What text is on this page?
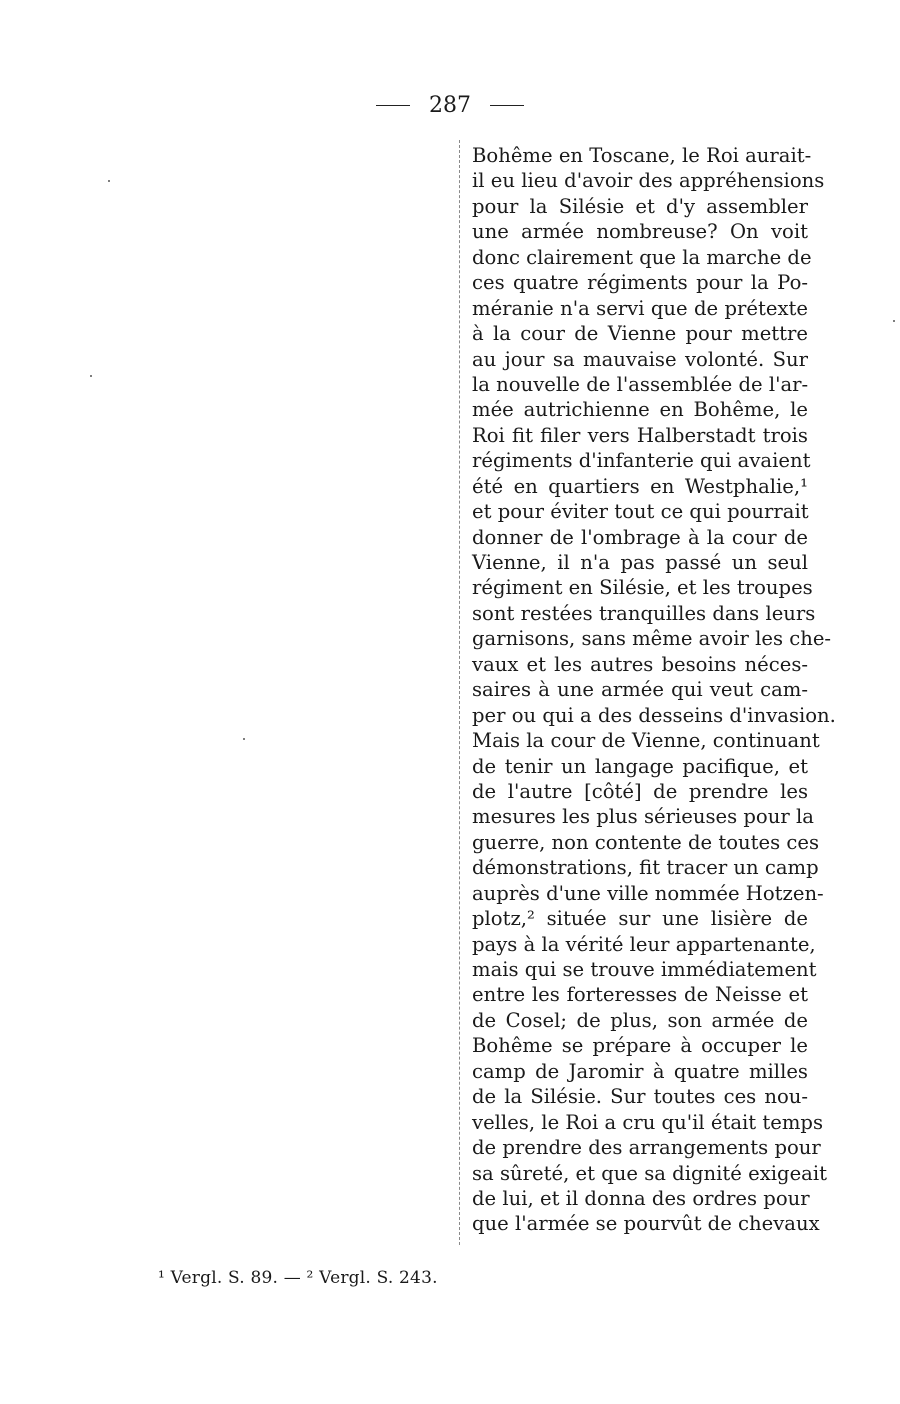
287
Bohême en Toscane, le Roi aurait-
il eu lieu d'avoir des appréhensions
pour la Silésie et d'y assembler
une armée nombreuse? On voit
donc clairement que la marche de
ces quatre régiments pour la Po-
méranie n'a servi que de prétexte
à la cour de Vienne pour mettre
au jour sa mauvaise volonté. Sur
la nouvelle de l'assemblée de l'ar-
mée autrichienne en Bohême, le
Roi fit filer vers Halberstadt trois
régiments d'infanterie qui avaient
été en quartiers en Westphalie,¹
et pour éviter tout ce qui pourrait
donner de l'ombrage à la cour de
Vienne, il n'a pas passé un seul
régiment en Silésie, et les troupes
sont restées tranquilles dans leurs
garnisons, sans même avoir les che-
vaux et les autres besoins néces-
saires à une armée qui veut cam-
per ou qui a des desseins d'invasion.
Mais la cour de Vienne, continuant
de tenir un langage pacifique, et
de l'autre [côté] de prendre les
mesures les plus sérieuses pour la
guerre, non contente de toutes ces
démonstrations, fit tracer un camp
auprès d'une ville nommée Hotzen-
plotz,² située sur une lisière de
pays à la vérité leur appartenante,
mais qui se trouve immédiatement
entre les forteresses de Neisse et
de Cosel; de plus, son armée de
Bohême se prépare à occuper le
camp de Jaromir à quatre milles
de la Silésie. Sur toutes ces nou-
velles, le Roi a cru qu'il était temps
de prendre des arrangements pour
sa sûreté, et que sa dignité exigeait
de lui, et il donna des ordres pour
que l'armée se pourvût de chevaux
¹ Vergl. S. 89. — ² Vergl. S. 243.
